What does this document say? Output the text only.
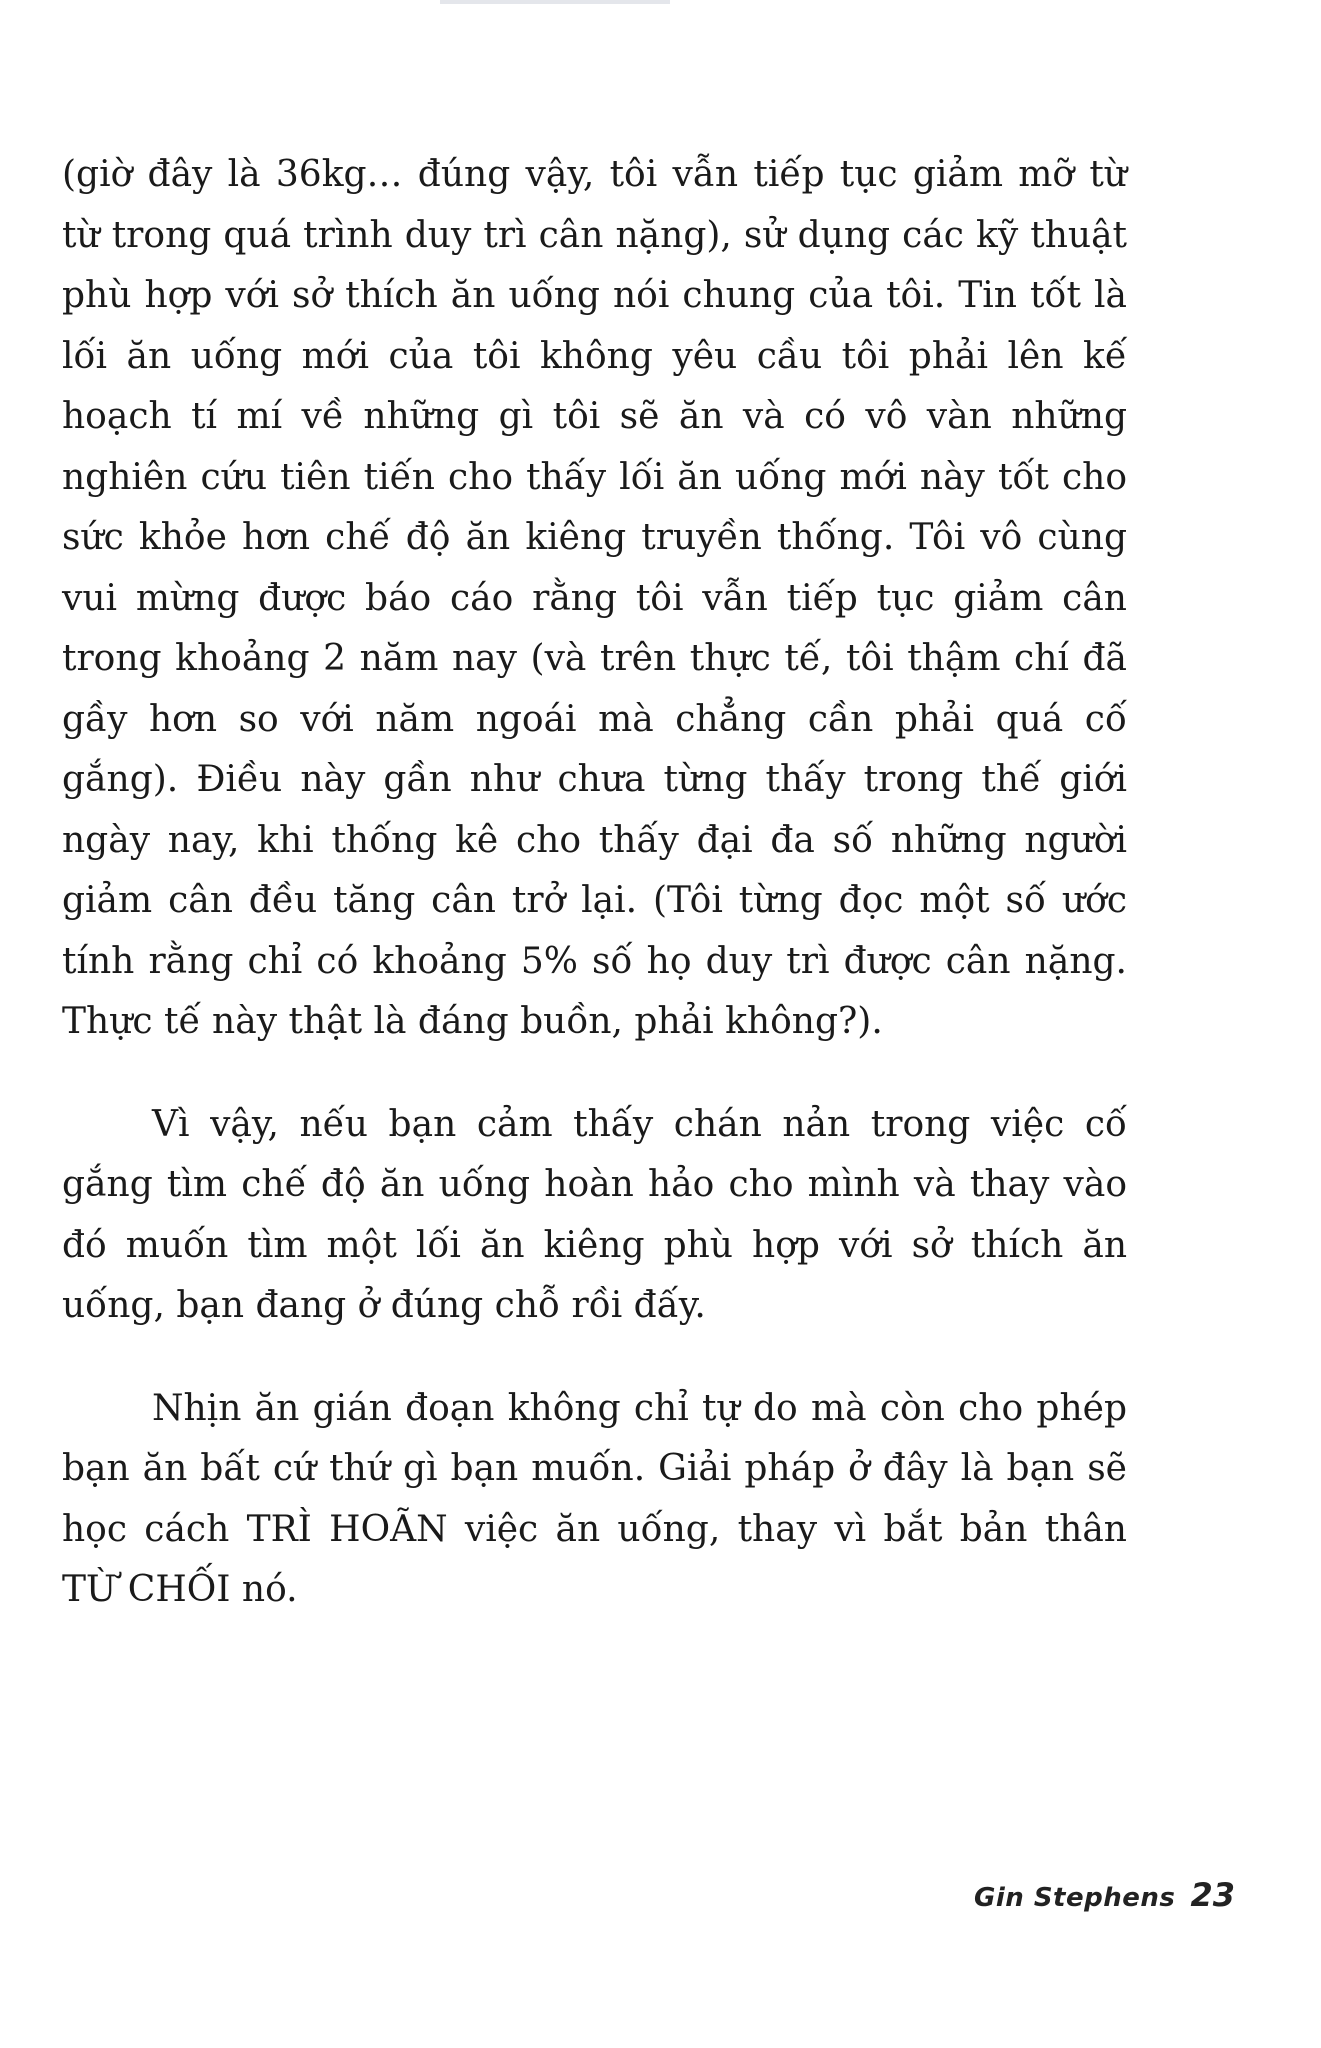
(giờ đây là 36kg… đúng vậy, tôi vẫn tiếp tục giảm mỡ từ từ trong quá trình duy trì cân nặng), sử dụng các kỹ thuật phù hợp với sở thích ăn uống nói chung của tôi. Tin tốt là lối ăn uống mới của tôi không yêu cầu tôi phải lên kế hoạch tí mí về những gì tôi sẽ ăn và có vô vàn những nghiên cứu tiên tiến cho thấy lối ăn uống mới này tốt cho sức khỏe hơn chế độ ăn kiêng truyền thống. Tôi vô cùng vui mừng được báo cáo rằng tôi vẫn tiếp tục giảm cân trong khoảng 2 năm nay (và trên thực tế, tôi thậm chí đã gầy hơn so với năm ngoái mà chẳng cần phải quá cố gắng). Điều này gần như chưa từng thấy trong thế giới ngày nay, khi thống kê cho thấy đại đa số những người giảm cân đều tăng cân trở lại. (Tôi từng đọc một số ước tính rằng chỉ có khoảng 5% số họ duy trì được cân nặng. Thực tế này thật là đáng buồn, phải không?).

Vì vậy, nếu bạn cảm thấy chán nản trong việc cố gắng tìm chế độ ăn uống hoàn hảo cho mình và thay vào đó muốn tìm một lối ăn kiêng phù hợp với sở thích ăn uống, bạn đang ở đúng chỗ rồi đấy.

Nhịn ăn gián đoạn không chỉ tự do mà còn cho phép bạn ăn bất cứ thứ gì bạn muốn. Giải pháp ở đây là bạn sẽ học cách TRÌ HOÃN việc ăn uống, thay vì bắt bản thân TỪ CHỐI nó.

Gin Stephens 23
